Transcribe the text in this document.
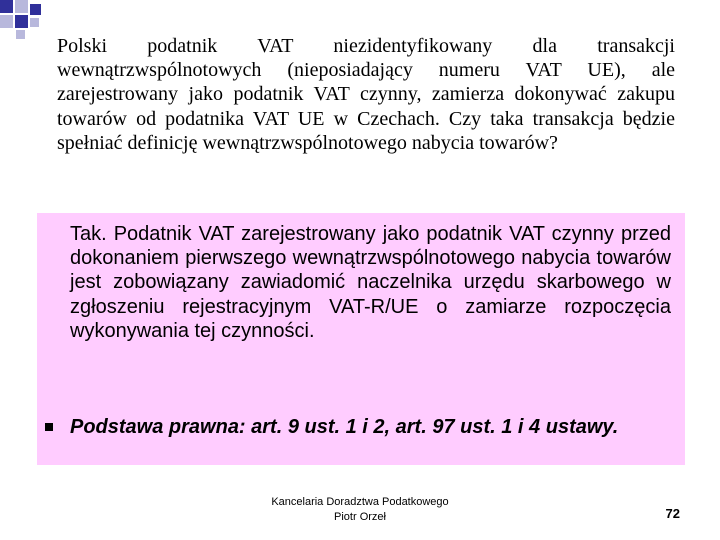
Polski podatnik VAT niezidentyfikowany dla transakcji wewnątrzwspólnotowych (nieposiadający numeru VAT UE), ale zarejestrowany jako podatnik VAT czynny, zamierza dokonywać zakupu towarów od podatnika VAT UE w Czechach. Czy taka transakcja będzie spełniać definicję wewnątrzwspólnotowego nabycia towarów?
Tak. Podatnik VAT zarejestrowany jako podatnik VAT czynny przed dokonaniem pierwszego wewnątrzwspólnotowego nabycia towarów jest zobowiązany zawiadomić naczelnika urzędu skarbowego w zgłoszeniu rejestracyjnym VAT-R/UE o zamiarze rozpoczęcia wykonywania tej czynności.
Podstawa prawna: art. 9 ust. 1 i 2, art. 97 ust. 1 i 4 ustawy.
Kancelaria Doradztwa Podatkowego
Piotr Orzeł	72
